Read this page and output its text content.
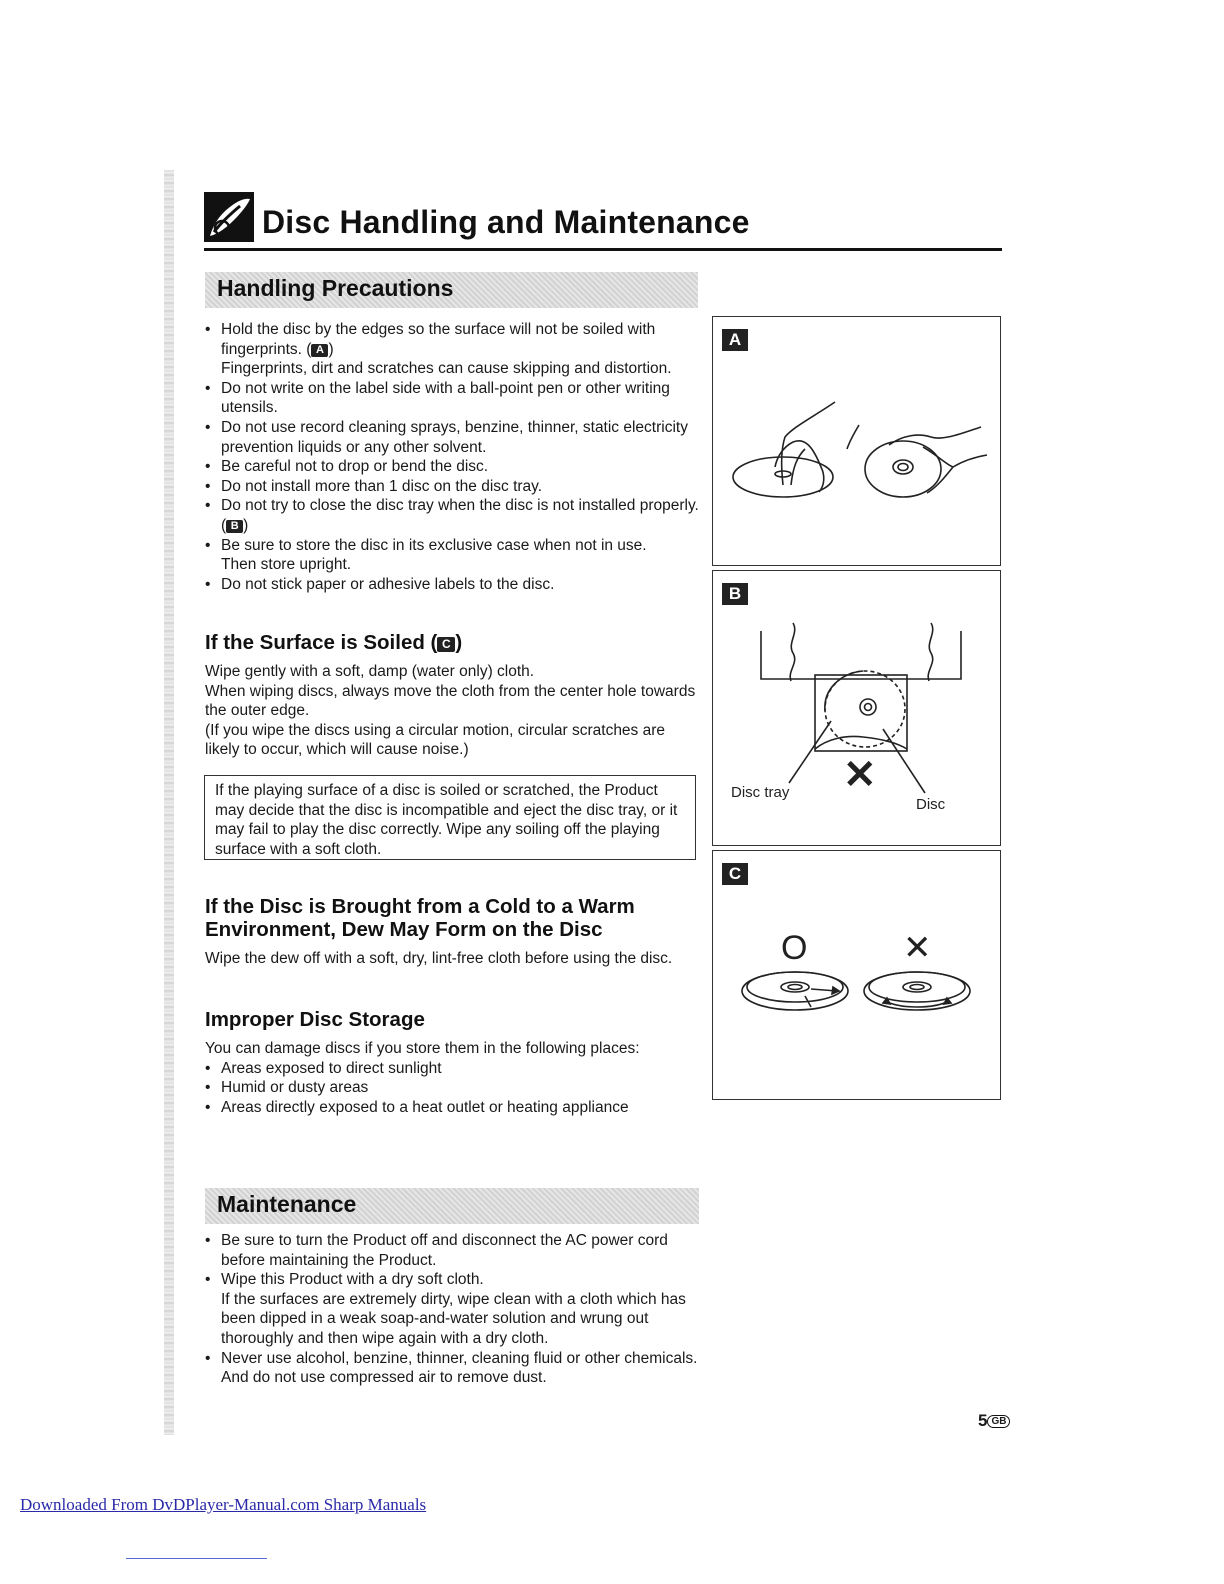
Disc Handling and Maintenance
Handling Precautions
• Hold the disc by the edges so the surface will not be soiled with fingerprints. ( A )
Fingerprints, dirt and scratches can cause skipping and distortion.
• Do not write on the label side with a ball-point pen or other writing utensils.
• Do not use record cleaning sprays, benzine, thinner, static electricity prevention liquids or any other solvent.
• Be careful not to drop or bend the disc.
• Do not install more than 1 disc on the disc tray.
• Do not try to close the disc tray when the disc is not installed properly. ( B )
• Be sure to store the disc in its exclusive case when not in use.
Then store upright.
• Do not stick paper or adhesive labels to the disc.
If the Surface is Soiled ( C )

Wipe gently with a soft, damp (water only) cloth.

When wiping discs, always move the cloth from the center hole towards the outer edge.

(If you wipe the discs using a circular motion, circular scratches are likely to occur, which will cause noise.)

If the playing surface of a disc is soiled or scratched, the Product may decide that the disc is incompatible and eject the disc tray, or it may fail to play the disc correctly. Wipe any soiling off the playing surface with a soft cloth.
If the Disc is Brought from a Cold to a Warm
Environment, Dew May Form on the Disc

Wipe the dew off with a soft, dry, lint-free cloth before using the disc.

Improper Disc Storage

You can damage discs if you store them in the following places:

• Areas exposed to direct sunlight
• Humid or dusty areas
• Areas directly exposed to a heat outlet or heating appliance
Maintenance
• Be sure to turn the Product off and disconnect the AC power cord before maintaining the Product.
• Wipe this Product with a dry soft cloth.
If the surfaces are extremely dirty, wipe clean with a cloth which has been dipped in a weak soap-and-water solution and wrung out thoroughly and then wipe again with a dry cloth.
• Never use alcohol, benzine, thinner, cleaning fluid or other chemicals. And do not use compressed air to remove dust.
A
B
Disc tray
Disc
✕
C
O	✕
5 GB
Downloaded From DvDPlayer-Manual.com Sharp Manuals
